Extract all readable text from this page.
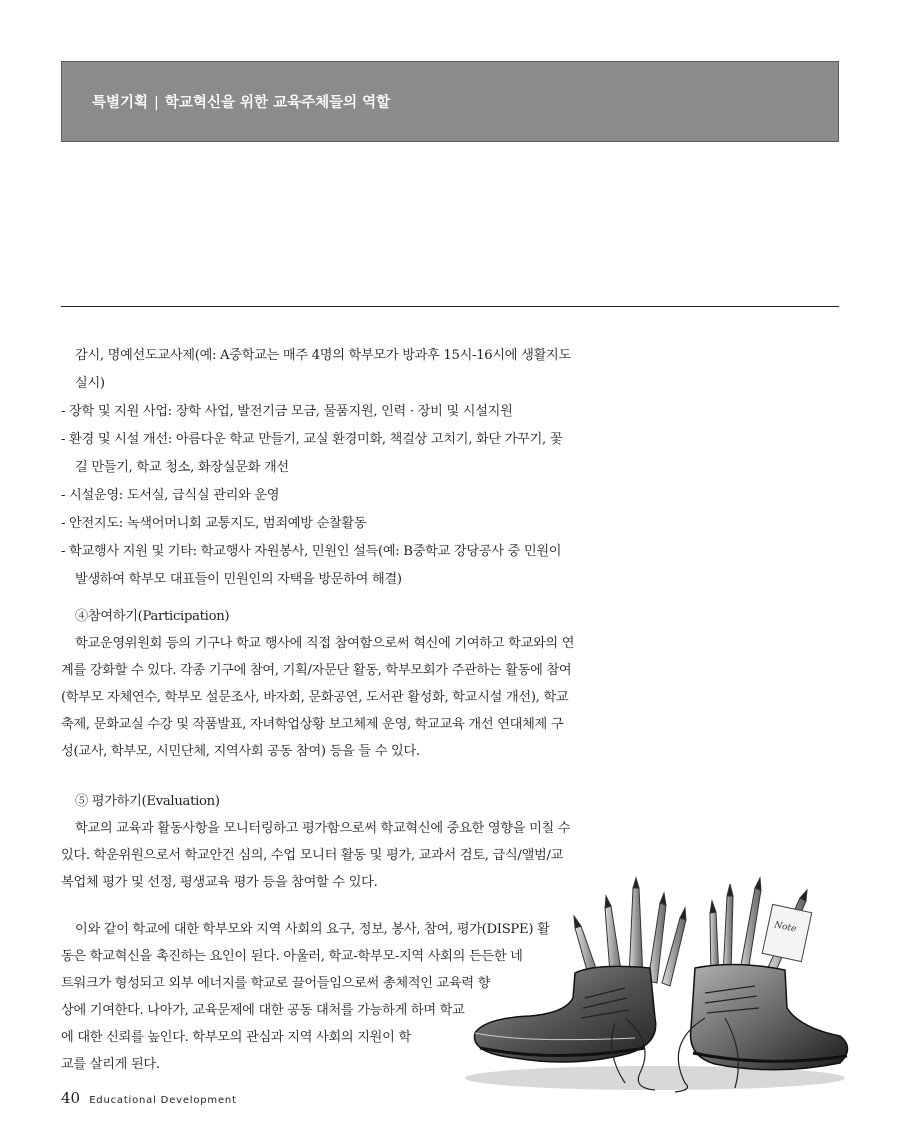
특별기획 | 학교혁신을 위한 교육주체들의 역할
감시, 명예선도교사제(예: A중학교는 매주 4명의 학부모가 방과후 15시-16시에 생활지도
실시)
- 장학 및 지원 사업: 장학 사업, 발전기금 모금, 물품지원, 인력 · 장비 및 시설지원
- 환경 및 시설 개선: 아름다운 학교 만들기, 교실 환경미화, 책걸상 고치기, 화단 가꾸기, 꽃
길 만들기, 학교 청소, 화장실문화 개선
- 시설운영: 도서실, 급식실 관리와 운영
- 안전지도: 녹색어머니회 교통지도, 범죄예방 순찰활동
- 학교행사 지원 및 기타: 학교행사 자원봉사, 민원인 설득(예: B중학교 강당공사 중 민원이
발생하여 학부모 대표들이 민원인의 자택을 방문하여 해결)
④참여하기(Participation)
학교운영위원회 등의 기구나 학교 행사에 직접 참여함으로써 혁신에 기여하고 학교와의 연
계를 강화할 수 있다. 각종 기구에 참여, 기획/자문단 활동, 학부모회가 주관하는 활동에 참여
(학부모 자체연수, 학부모 설문조사, 바자회, 문화공연, 도서관 활성화, 학교시설 개선), 학교
축제, 문화교실 수강 및 작품발표, 자녀학업상황 보고체제 운영, 학교교육 개선 연대체제 구
성(교사, 학부모, 시민단체, 지역사회 공동 참여) 등을 들 수 있다.
⑤ 평가하기(Evaluation)
학교의 교육과 활동사항을 모니터링하고 평가함으로써 학교혁신에 중요한 영향을 미칠 수
있다. 학운위원으로서 학교안건 심의, 수업 모니터 활동 및 평가, 교과서 검토, 급식/앨범/교
복업체 평가 및 선정, 평생교육 평가 등을 참여할 수 있다.
이와 같이 학교에 대한 학부모와 지역 사회의 요구, 정보, 봉사, 참여, 평가(DISPE) 활
동은 학교혁신을 촉진하는 요인이 된다. 아울러, 학교-학부모-지역 사회의 든든한 네
트워크가 형성되고 외부 에너지를 학교로 끌어들임으로써 총체적인 교육력 향
상에 기여한다. 나아가, 교육문제에 대한 공동 대처를 가능하게 하며 학교
에 대한 신뢰를 높인다. 학부모의 관심과 지역 사회의 지원이 학
교를 살리게 된다.
Note
40 Educational Development
